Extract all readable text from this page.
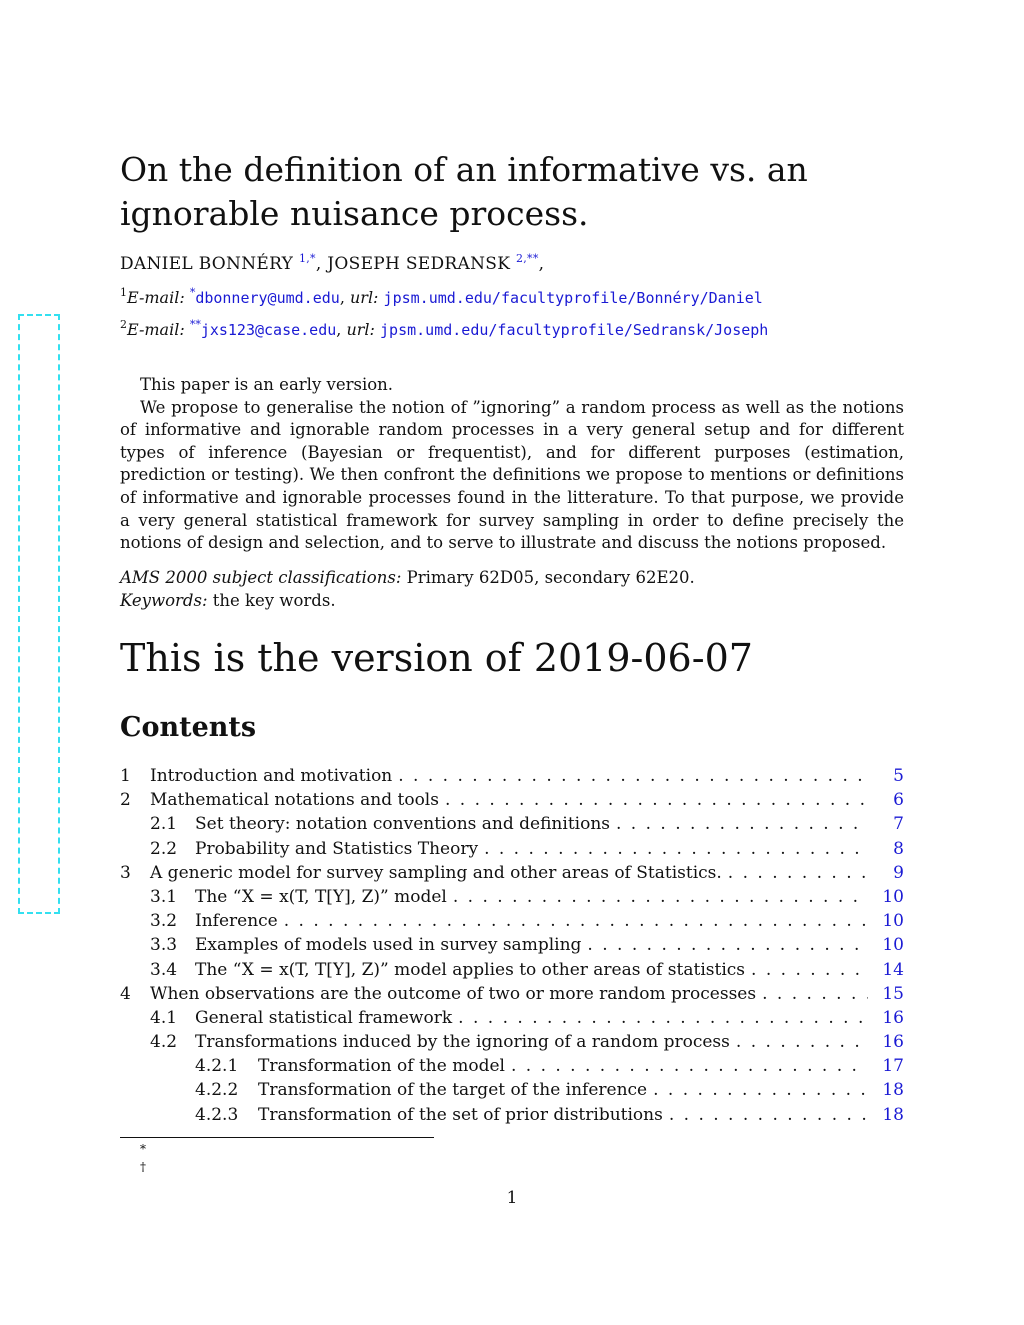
On the definition of an informative vs. an ignorable nuisance process.
DANIEL BONNÉRY $^{1,*}$, JOSEPH SEDRANSK $^{2,**}$,
$^1$E-mail: *dbonnery@umd.edu, url: jpsm.umd.edu/facultyprofile/Bonnéry/Daniel
$^2$E-mail: **jxs123@case.edu, url: jpsm.umd.edu/facultyprofile/Sedransk/Joseph

This paper is an early version.

We propose to generalise the notion of ”ignoring” a random process as well as the notions of informative and ignorable random processes in a very general setup and for different types of inference (Bayesian or frequentist), and for different purposes (estimation, prediction or testing). We then confront the definitions we propose to mentions or definitions of informative and ignorable processes found in the litterature. To that purpose, we provide a very general statistical framework for survey sampling in order to define precisely the notions of design and selection, and to serve to illustrate and discuss the notions proposed.

AMS 2000 subject classifications: Primary 62D05, secondary 62E20.
Keywords: the key words.
This is the version of 2019-06-07
Contents
1	Introduction and motivation . . .	5
2	Mathematical notations and tools . . .	6
2.1	Set theory: notation conventions and definitions . . .	7
2.2	Probability and Statistics Theory . . .	8
3	A generic model for survey sampling and other areas of Statistics. . . .	9
3.1	The “X = x(T, T[Y], Z)” model . . .	10
3.2	Inference . . .	10
3.3	Examples of models used in survey sampling . . .	10
3.4	The “X = x(T, T[Y], Z)” model applies to other areas of statistics . . .	14
4	When observations are the outcome of two or more random processes . . .	15
4.1	General statistical framework . . .	16
4.2	Transformations induced by the ignoring of a random process . . .	16
4.2.1	Transformation of the model . . .	17
4.2.2	Transformation of the target of the inference . . .	18
4.2.3	Transformation of the set of prior distributions . . .	18
*
†
1
